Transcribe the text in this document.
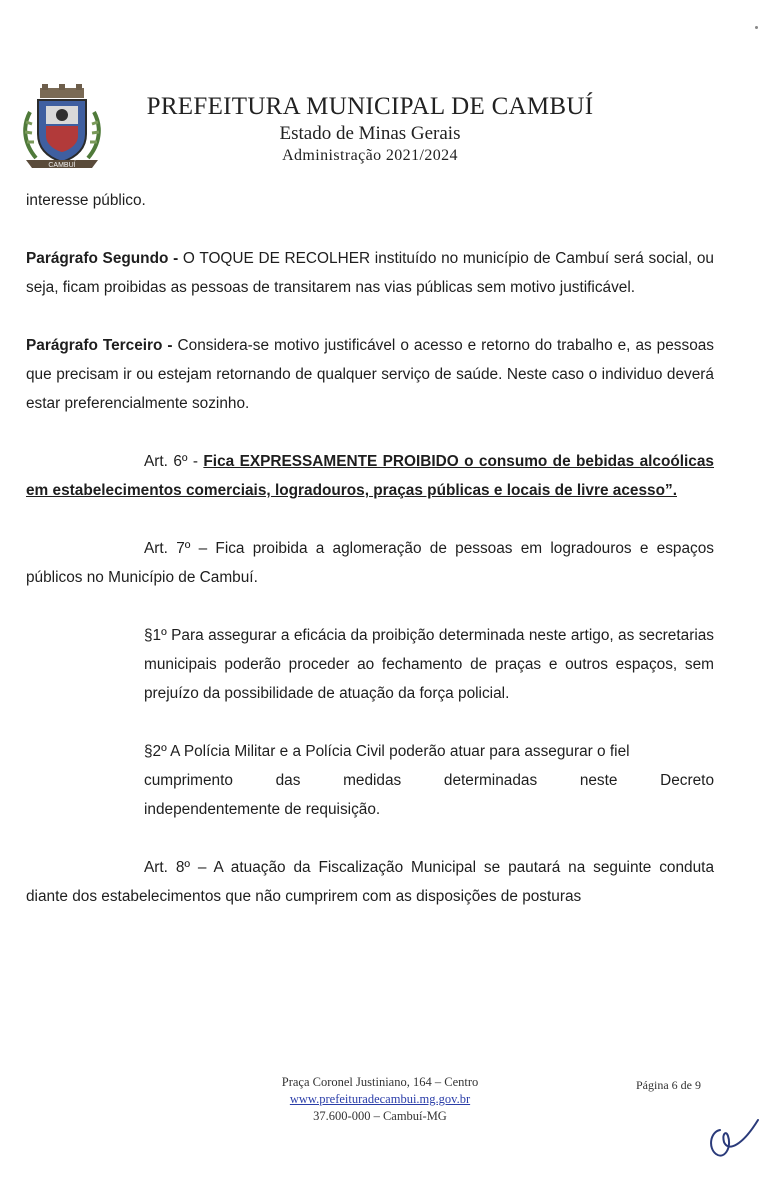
CAMBUÍ
PREFEITURA MUNICIPAL DE CAMBUÍ
Estado de Minas Gerais
Administração 2021/2024

interesse público.

Parágrafo Segundo - O TOQUE DE RECOLHER instituído no município de Cambuí será social, ou seja, ficam proibidas as pessoas de transitarem nas vias públicas sem motivo justificável.

Parágrafo Terceiro - Considera-se motivo justificável o acesso e retorno do trabalho e, as pessoas que precisam ir ou estejam retornando de qualquer serviço de saúde. Neste caso o individuo deverá estar preferencialmente sozinho.

Art. 6º - Fica EXPRESSAMENTE PROIBIDO o consumo de bebidas alcoólicas em estabelecimentos comerciais, logradouros, praças públicas e locais de livre acesso”.

Art. 7º – Fica proibida a aglomeração de pessoas em logradouros e espaços públicos no Município de Cambuí.

§1º Para assegurar a eficácia da proibição determinada neste artigo, as secretarias municipais poderão proceder ao fechamento de praças e outros espaços, sem prejuízo da possibilidade de atuação da força policial.

§2º A Polícia Militar e a Polícia Civil poderão atuar para assegurar o fiel
cumprimento	das	medidas	determinadas	neste	Decreto
independentemente de requisição.

Art. 8º – A atuação da Fiscalização Municipal se pautará na seguinte conduta diante dos estabelecimentos que não cumprirem com as disposições de posturas

Praça Coronel Justiniano, 164 – Centro
www.prefeituradecambui.mg.gov.br
37.600-000 – Cambuí-MG
Página 6 de 9
